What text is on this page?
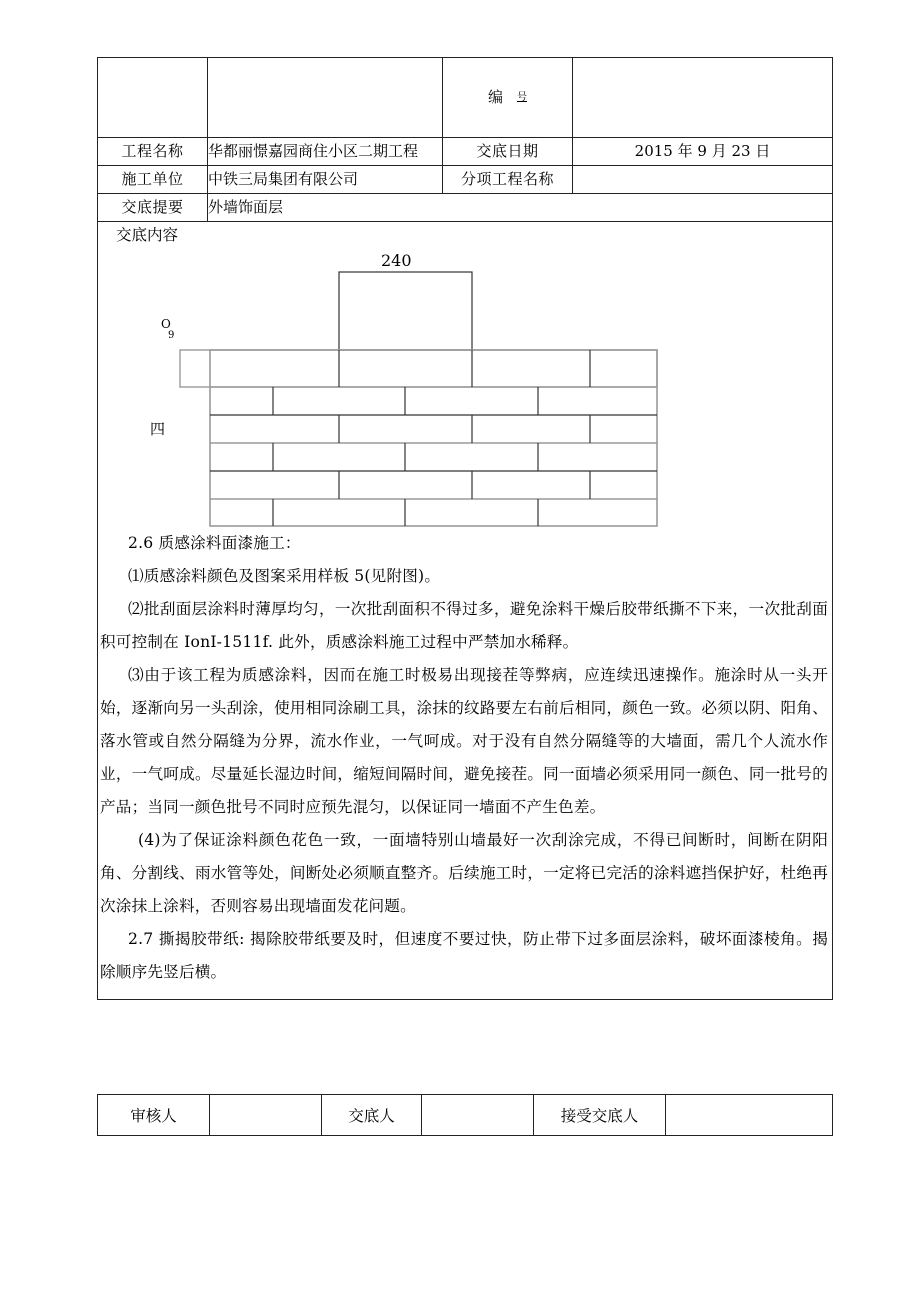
		编 $^号$	
工程名称	华都丽憬嘉园商住小区二期工程	交底日期	2015 年 9 月 23 日
施工单位	中铁三局集团有限公司	分项工程名称	
交底提要	外墙饰面层		

交底内容
240
O
9
四

2.6 质感涂料面漆施工：

⑴质感涂料颜色及图案采用样板 5(见附图)。

⑵批刮面层涂料时薄厚均匀，一次批刮面积不得过多，避免涂料干燥后胶带纸撕不下来，一次批刮面积可控制在 IonI-1511f. 此外，质感涂料施工过程中严禁加水稀释。

⑶由于该工程为质感涂料，因而在施工时极易出现接茬等弊病，应连续迅速操作。施涂时从一头开始，逐渐向另一头刮涂，使用相同涂刷工具，涂抹的纹路要左右前后相同，颜色一致。必须以阴、阳角、落水管或自然分隔缝为分界，流水作业，一气呵成。对于没有自然分隔缝等的大墙面，需几个人流水作业，一气呵成。尽量延长湿边时间，缩短间隔时间，避免接茬。同一面墙必须采用同一颜色、同一批号的产品；当同一颜色批号不同时应预先混匀，以保证同一墙面不产生色差。

(4)为了保证涂料颜色花色一致，一面墙特别山墙最好一次刮涂完成，不得已间断时，间断在阴阳角、分割线、雨水管等处，间断处必须顺直整齐。后续施工时，一定将已完活的涂料遮挡保护好，杜绝再次涂抹上涂料，否则容易出现墙面发花问题。

2.7 撕揭胶带纸: 揭除胶带纸要及时，但速度不要过快，防止带下过多面层涂料，破坏面漆棱角。揭除顺序先竖后横。

审核人		交底人		接受交底人	
